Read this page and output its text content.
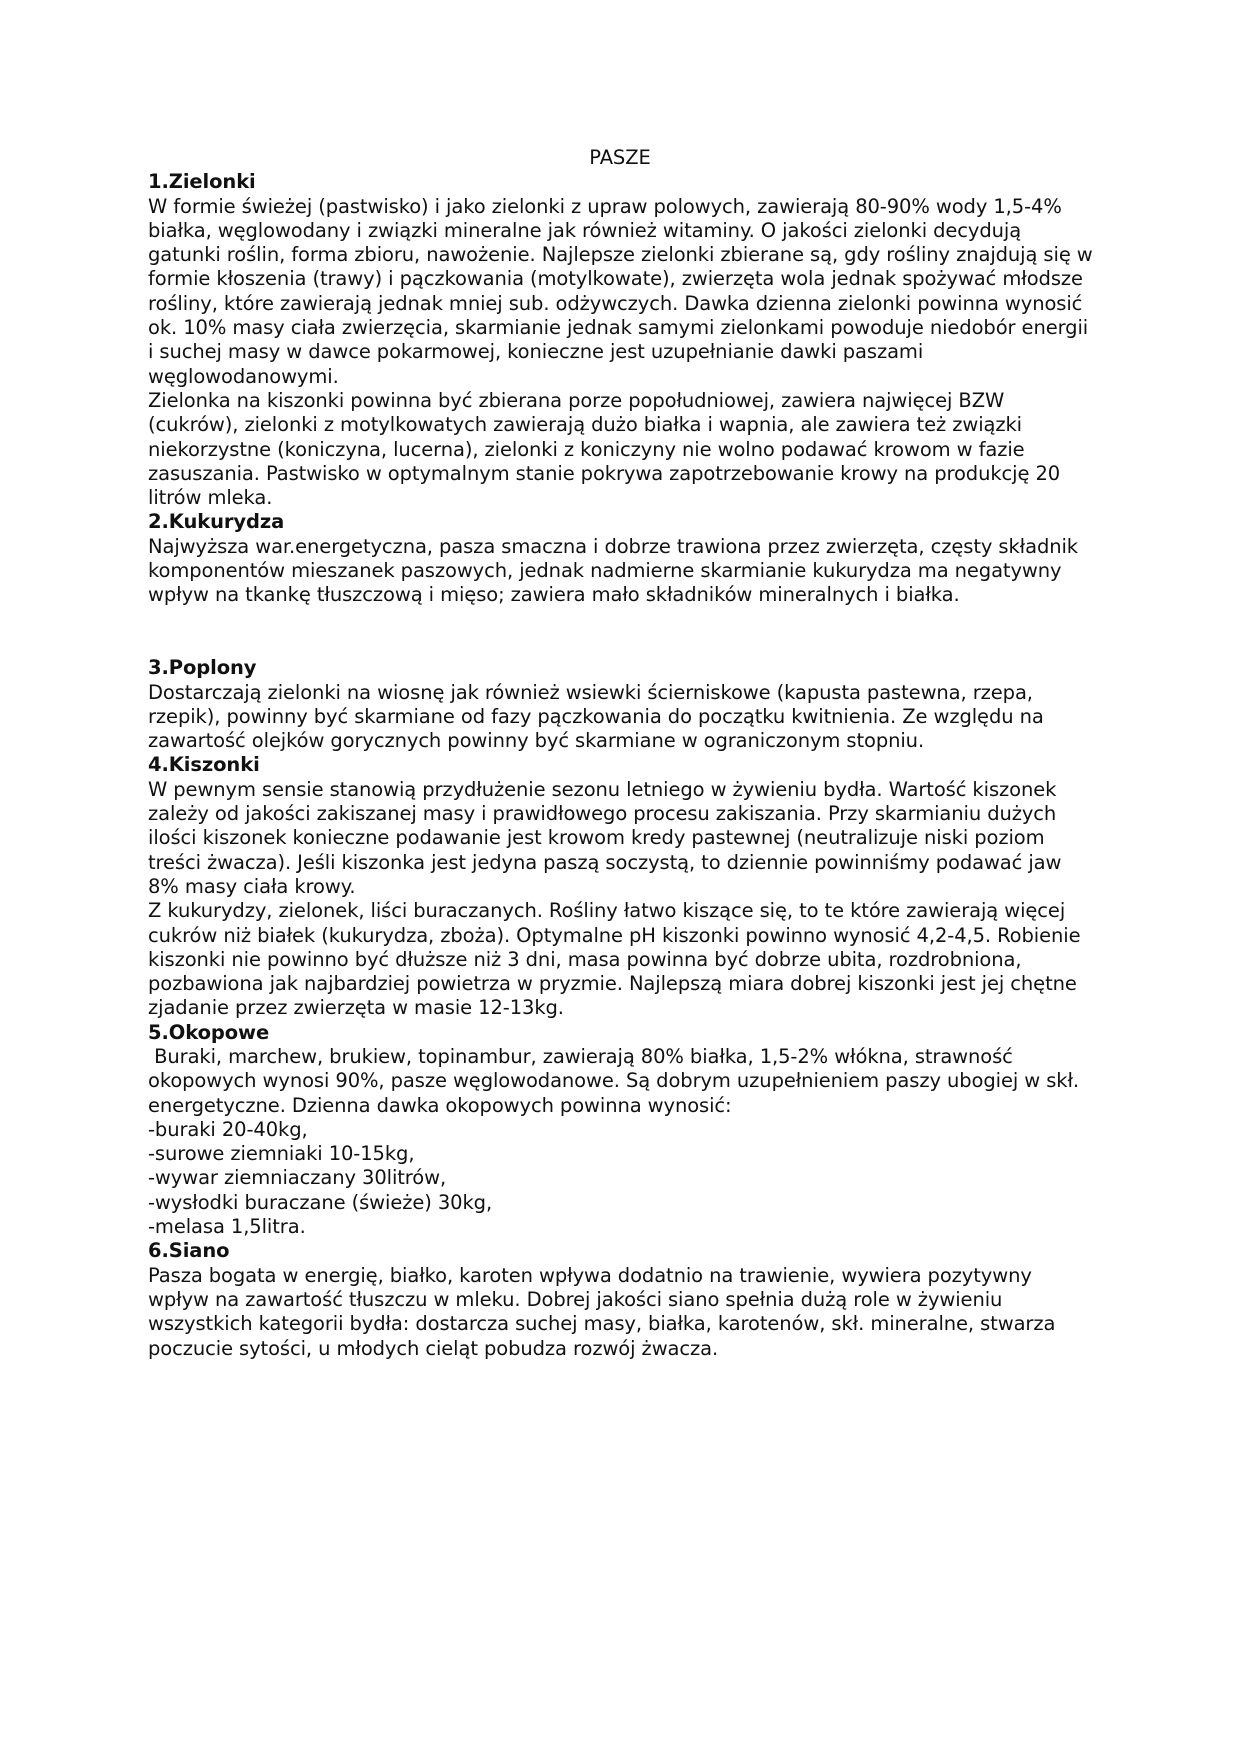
PASZE

1.Zielonki

W formie świeżej (pastwisko) i jako zielonki z upraw polowych, zawierają 80-90% wody 1,5-4% białka, węglowodany i związki mineralne jak również witaminy. O jakości zielonki decydują gatunki roślin, forma zbioru, nawożenie. Najlepsze zielonki zbierane są, gdy rośliny znajdują się w formie kłoszenia (trawy) i pączkowania (motylkowate), zwierzęta wola jednak spożywać młodsze rośliny, które zawierają jednak mniej sub. odżywczych. Dawka dzienna zielonki powinna wynosić ok. 10% masy ciała zwierzęcia, skarmianie jednak samymi zielonkami powoduje niedobór energii i suchej masy w dawce pokarmowej, konieczne jest uzupełnianie dawki paszami węglowodanowymi.

Zielonka na kiszonki powinna być zbierana porze popołudniowej, zawiera najwięcej BZW (cukrów), zielonki z motylkowatych zawierają dużo białka i wapnia, ale zawiera też związki niekorzystne (koniczyna, lucerna), zielonki z koniczyny nie wolno podawać krowom w fazie zasuszania. Pastwisko w optymalnym stanie pokrywa zapotrzebowanie krowy na produkcję 20 litrów mleka.

2.Kukurydza

Najwyższa war.energetyczna, pasza smaczna i dobrze trawiona przez zwierzęta, częsty składnik komponentów mieszanek paszowych, jednak nadmierne skarmianie kukurydza ma negatywny wpływ na tkankę tłuszczową i mięso; zawiera mało składników mineralnych i białka.

3.Poplony

Dostarczają zielonki na wiosnę jak również wsiewki ścierniskowe (kapusta pastewna, rzepa, rzepik), powinny być skarmiane od fazy pączkowania do początku kwitnienia. Ze względu na zawartość olejków gorycznych powinny być skarmiane w ograniczonym stopniu.

4.Kiszonki

W pewnym sensie stanowią przydłużenie sezonu letniego w żywieniu bydła. Wartość kiszonek zależy od jakości zakiszanej masy i prawidłowego procesu zakiszania. Przy skarmianiu dużych ilości kiszonek konieczne podawanie jest krowom kredy pastewnej (neutralizuje niski poziom treści żwacza). Jeśli kiszonka jest jedyna paszą soczystą, to dziennie powinniśmy podawać jaw 8% masy ciała krowy.

Z kukurydzy, zielonek, liści buraczanych. Rośliny łatwo kiszące się, to te które zawierają więcej cukrów niż białek (kukurydza, zboża). Optymalne pH kiszonki powinno wynosić 4,2-4,5. Robienie kiszonki nie powinno być dłuższe niż 3 dni, masa powinna być dobrze ubita, rozdrobniona, pozbawiona jak najbardziej powietrza w pryzmie. Najlepszą miara dobrej kiszonki jest jej chętne zjadanie przez zwierzęta w masie 12-13kg.

5.Okopowe

Buraki, marchew, brukiew, topinambur, zawierają 80% białka, 1,5-2% włókna, strawność okopowych wynosi 90%, pasze węglowodanowe. Są dobrym uzupełnieniem paszy ubogiej w skł. energetyczne. Dzienna dawka okopowych powinna wynosić:

-buraki 20-40kg,

-surowe ziemniaki 10-15kg,

-wywar ziemniaczany 30litrów,

-wysłodki buraczane (świeże) 30kg,

-melasa 1,5litra.

6.Siano

Pasza bogata w energię, białko, karoten wpływa dodatnio na trawienie, wywiera pozytywny wpływ na zawartość tłuszczu w mleku. Dobrej jakości siano spełnia dużą role w żywieniu wszystkich kategorii bydła: dostarcza suchej masy, białka, karotenów, skł. mineralne, stwarza poczucie sytości, u młodych cieląt pobudza rozwój żwacza.
